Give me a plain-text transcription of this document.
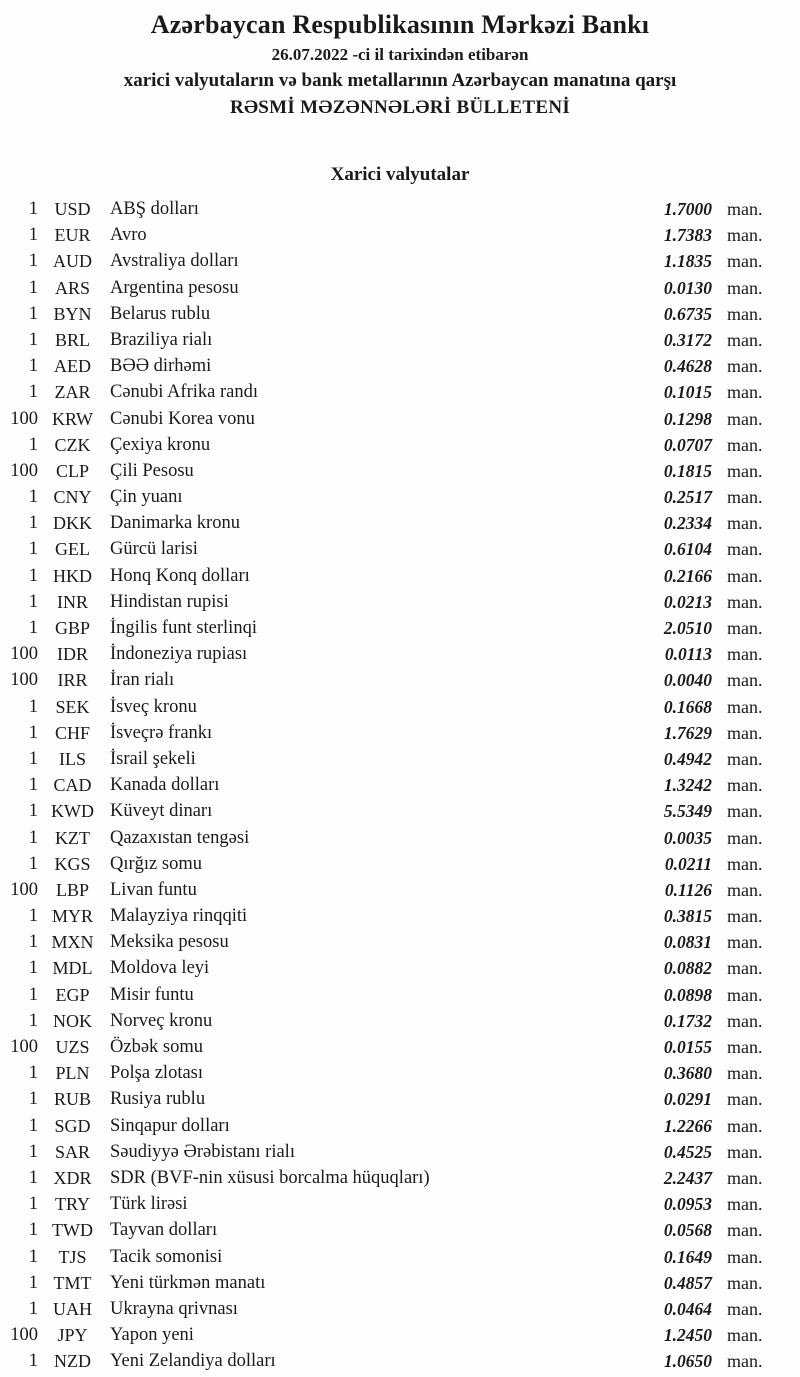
Azərbaycan Respublikasının Mərkəzi Bankı
26.07.2022 -ci il tarixindən etibarən
xarici valyutaların və bank metallarının Azərbaycan manatına qarşı
RƏSMİ MƏZƏNNƏLƏRİ BÜLLETENİ
Xarici valyutalar
1 USD	ABŞ dolları	1.7000 man.
1 EUR	Avro	1.7383 man.
1 AUD Avstraliya dolları	1.1835 man.
1 ARS	Argentina pesosu	0.0130 man.
1 BYN	Belarus rublu	0.6735 man.
1 BRL	Braziliya rialı	0.3172 man.
1 AED	BƏƏ dirhəmi	0.4628 man.
1 ZAR	Cənubi Afrika randı	0.1015 man.
100 KRW Cənubi Korea vonu	0.1298 man.
1 CZK	Çexiya kronu	0.0707 man.
100 CLP	Çili Pesosu	0.1815 man.
1 CNY	Çin yuanı	0.2517 man.
1 DKK Danimarka kronu	0.2334 man.
1 GEL	Gürcü larisi	0.6104 man.
1 HKD Honq Konq dolları	0.2166 man.
1	INR	Hindistan rupisi	0.0213 man.
1 GBP	İngilis funt sterlinqi	2.0510 man.
100	IDR	İndoneziya rupiası	0.0113 man.
100	IRR	İran rialı	0.0040 man.
1 SEK	İsveç kronu	0.1668 man.
1 CHF	İsveçrə frankı	1.7629 man.
1	ILS	İsrail şekeli	0.4942 man.
1 CAD	Kanada dolları	1.3242 man.
1 KWD Küveyt dinarı	5.5349 man.
1 KZT	Qazaxıstan tengəsi	0.0035 man.
1 KGS	Qırğız somu	0.0211 man.
100 LBP	Livan funtu	0.1126 man.
1 MYR Malayziya rinqqiti	0.3815 man.
1 MXN Meksika pesosu	0.0831 man.
1 MDL Moldova leyi	0.0882 man.
1 EGP	Misir funtu	0.0898 man.
1 NOK Norveç kronu	0.1732 man.
100 UZS	Özbək somu	0.0155 man.
1 PLN	Polşa zlotası	0.3680 man.
1 RUB	Rusiya rublu	0.0291 man.
1 SGD	Sinqapur dolları	1.2266 man.
1 SAR	Səudiyyə Ərəbistanı rialı	0.4525 man.
1 XDR	SDR (BVF-nin xüsusi borcalma hüquqları)	2.2437 man.
1 TRY	Türk lirəsi	0.0953 man.
1 TWD Tayvan dolları	0.0568 man.
1	TJS	Tacik somonisi	0.1649 man.
1 TMT	Yeni türkmən manatı	0.4857 man.
1 UAH Ukrayna qrivnası	0.0464 man.
100	JPY	Yapon yeni	1.2450 man.
1 NZD	Yeni Zelandiya dolları	1.0650 man.
